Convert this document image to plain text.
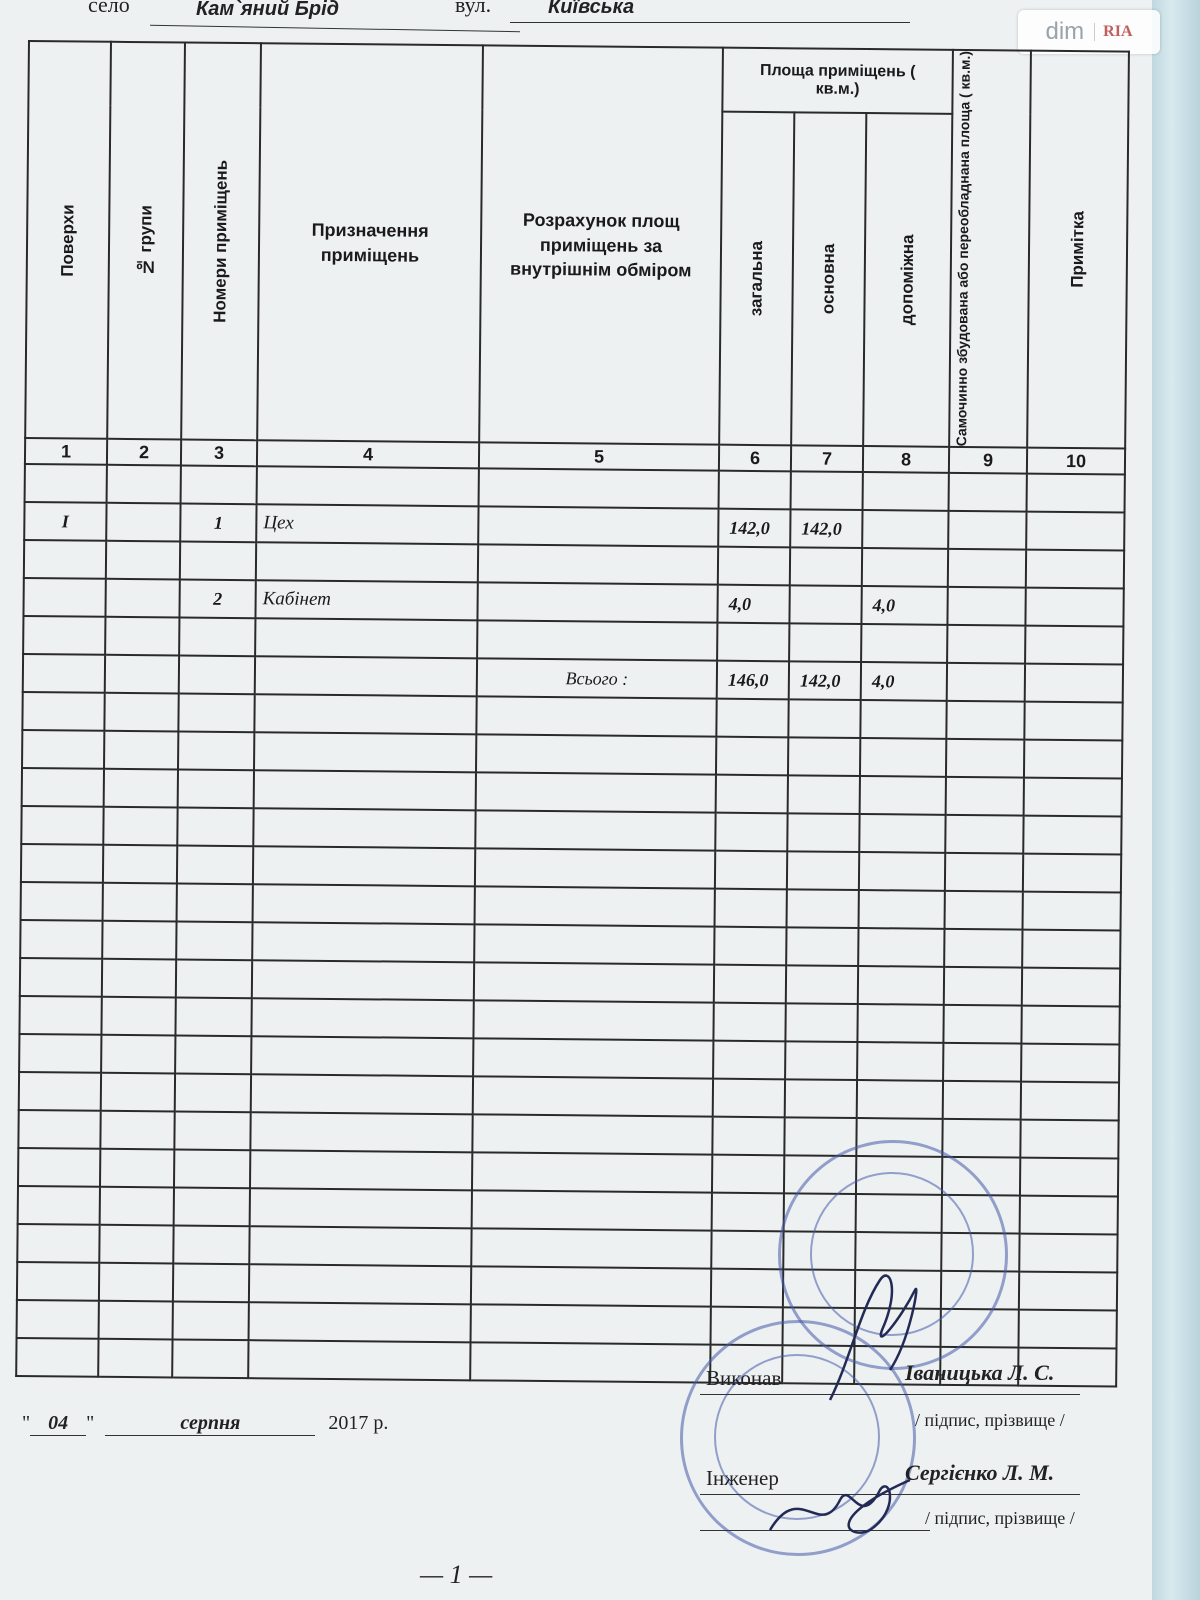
село	Кам`яний Брід	вул.	Київська
dim	RIA
Поверхи	№ групи	Номери приміщень	Призначення приміщень	Розрахунок площ приміщень за внутрішнім обміром	Площа приміщень ( кв.м.)			Самочинно збудована або переобладнана площа ( кв.м.)	Примітка

					загальна	основна	допоміжна		

1	2	3	4	5	6	7	8	9	10

I		1	Цех		142,0	142,0			

		2	Кабінет		4,0		4,0		

				Всього :	146,0	142,0	4,0		

" 04 "	серпня	2017 р.
Виконав	Іваницька Л. С.
/ підпис, прізвище /
Інженер	Сергієнко Л. М.
/ підпис, прізвище /
— 1 —
